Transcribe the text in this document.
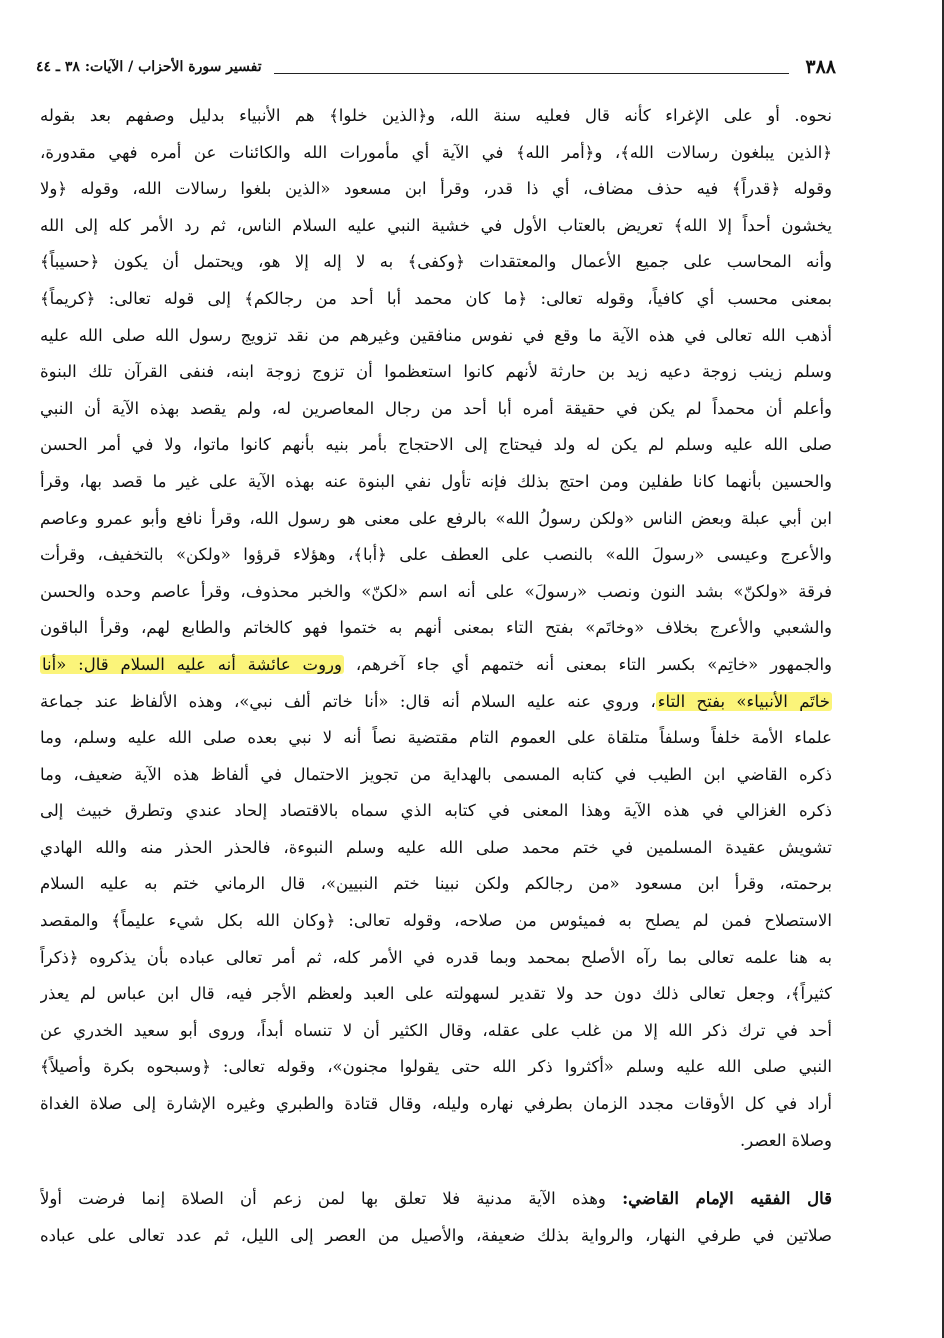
٣٨٨
تفسير سورة الأحزاب / الآيات: ٣٨ ـ ٤٤
نحوه. أو على الإغراء كأنه قال فعليه سنة الله، و﴿الذين خلوا﴾ هم الأنبياء بدليل وصفهم بعد بقوله
﴿الذين يبلغون رسالات الله﴾، و﴿أمر الله﴾ في الآية أي مأمورات الله والكائنات عن أمره فهي مقدورة،
وقوله ﴿قدراً﴾ فيه حذف مضاف، أي ذا قدر، وقرأ ابن مسعود «الذين بلغوا رسالات الله، وقوله ﴿ولا
يخشون أحداً إلا الله﴾ تعريض بالعتاب الأول في خشية النبي عليه السلام الناس، ثم رد الأمر كله إلى الله
وأنه المحاسب على جميع الأعمال والمعتقدات ﴿وكفى﴾ به لا إله إلا هو، ويحتمل أن يكون ﴿حسيباً﴾
بمعنى محسب أي كافياً، وقوله تعالى: ﴿ما كان محمد أبا أحد من رجالكم﴾ إلى قوله تعالى: ﴿كريماً﴾
أذهب الله تعالى في هذه الآية ما وقع في نفوس منافقين وغيرهم من نقد تزويج رسول الله صلى الله عليه
وسلم زينب زوجة دعيه زيد بن حارثة لأنهم كانوا استعظموا أن تزوج زوجة ابنه، فنفى القرآن تلك البنوة
وأعلم أن محمداً لم يكن في حقيقة أمره أبا أحد من رجال المعاصرين له، ولم يقصد بهذه الآية أن النبي
صلى الله عليه وسلم لم يكن له ولد فيحتاج إلى الاحتجاج بأمر بنيه بأنهم كانوا ماتوا، ولا في أمر الحسن
والحسين بأنهما كانا طفلين ومن احتج بذلك فإنه تأول نفي البنوة عنه بهذه الآية على غير ما قصد بها، وقرأ
ابن أبي عبلة وبعض الناس «ولكن رسولُ الله» بالرفع على معنى هو رسول الله، وقرأ نافع وأبو عمرو وعاصم
والأعرج وعيسى «رسولَ الله» بالنصب على العطف على ﴿أبا﴾، وهؤلاء قرؤوا «ولكن» بالتخفيف، وقرأت
فرقة «ولكنّ» بشد النون ونصب «رسولَ» على أنه اسم «لكنّ» والخبر محذوف، وقرأ عاصم وحده والحسن
والشعبي والأعرج بخلاف «وخاتَم» بفتح التاء بمعنى أنهم به ختموا فهو كالخاتم والطابع لهم، وقرأ الباقون
والجمهور «خاتِم» بكسر التاء بمعنى أنه ختمهم أي جاء آخرهم، وروت عائشة أنه عليه السلام قال: «أنا
خاتَم الأنبياء» بفتح التاء، وروي عنه عليه السلام أنه قال: «أنا خاتم ألف نبي»، وهذه الألفاظ عند جماعة
علماء الأمة خلفاً وسلفاً متلقاة على العموم التام مقتضية نصاً أنه لا نبي بعده صلى الله عليه وسلم، وما
ذكره القاضي ابن الطيب في كتابه المسمى بالهداية من تجويز الاحتمال في ألفاظ هذه الآية ضعيف، وما
ذكره الغزالي في هذه الآية وهذا المعنى في كتابه الذي سماه بالاقتصاد إلحاد عندي وتطرق خبيث إلى
تشويش عقيدة المسلمين في ختم محمد صلى الله عليه وسلم النبوءة، فالحذر الحذر منه والله الهادي
برحمته، وقرأ ابن مسعود «من رجالكم ولكن نبينا ختم النبيين»، قال الرماني ختم به عليه السلام
الاستصلاح فمن لم يصلح به فميئوس من صلاحه، وقوله تعالى: ﴿وكان الله بكل شيء عليماً﴾ والمقصد
به هنا علمه تعالى بما رآه الأصلح بمحمد وبما قدره في الأمر كله، ثم أمر تعالى عباده بأن يذكروه ﴿ذكراً
كثيراً﴾، وجعل تعالى ذلك دون حد ولا تقدير لسهولته على العبد ولعظم الأجر فيه، قال ابن عباس لم يعذر
أحد في ترك ذكر الله إلا من غلب على عقله، وقال الكثير أن لا تنساه أبداً، وروى أبو سعيد الخدري عن
النبي صلى الله عليه وسلم «أكثروا ذكر الله حتى يقولوا مجنون»، وقوله تعالى: ﴿وسبحوه بكرة وأصيلاً﴾
أراد في كل الأوقات مجدد الزمان بطرفي نهاره وليله، وقال قتادة والطبري وغيره الإشارة إلى صلاة الغداة
وصلاة العصر.
قال الفقيه الإمام القاضي: وهذه الآية مدنية فلا تعلق بها لمن زعم أن الصلاة إنما فرضت أولاً
صلاتين في طرفي النهار، والرواية بذلك ضعيفة، والأصيل من العصر إلى الليل، ثم عدد تعالى على عباده
